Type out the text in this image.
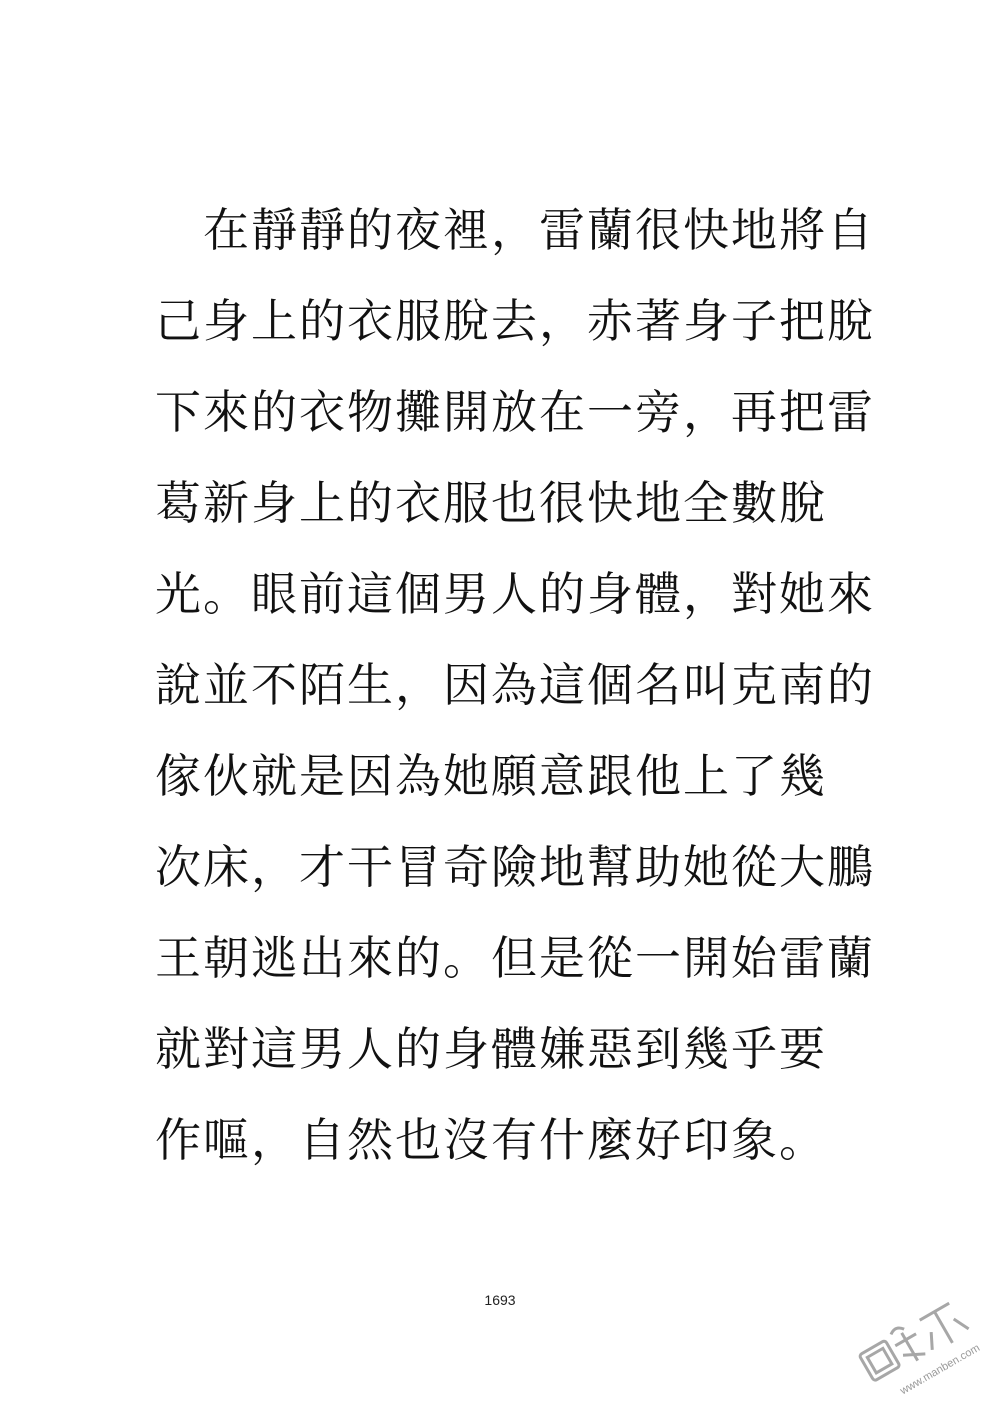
　在靜靜的夜裡，雷蘭很快地將自
己身上的衣服脫去，赤著身子把脫
下來的衣物攤開放在一旁，再把雷
葛新身上的衣服也很快地全數脫
光。眼前這個男人的身體，對她來
說並不陌生，因為這個名叫克南的
傢伙就是因為她願意跟他上了幾
次床，才干冒奇險地幫助她從大鵬
王朝逃出來的。但是從一開始雷蘭
就對這男人的身體嫌惡到幾乎要
作嘔，自然也沒有什麼好印象。
1693
www.manben.com
